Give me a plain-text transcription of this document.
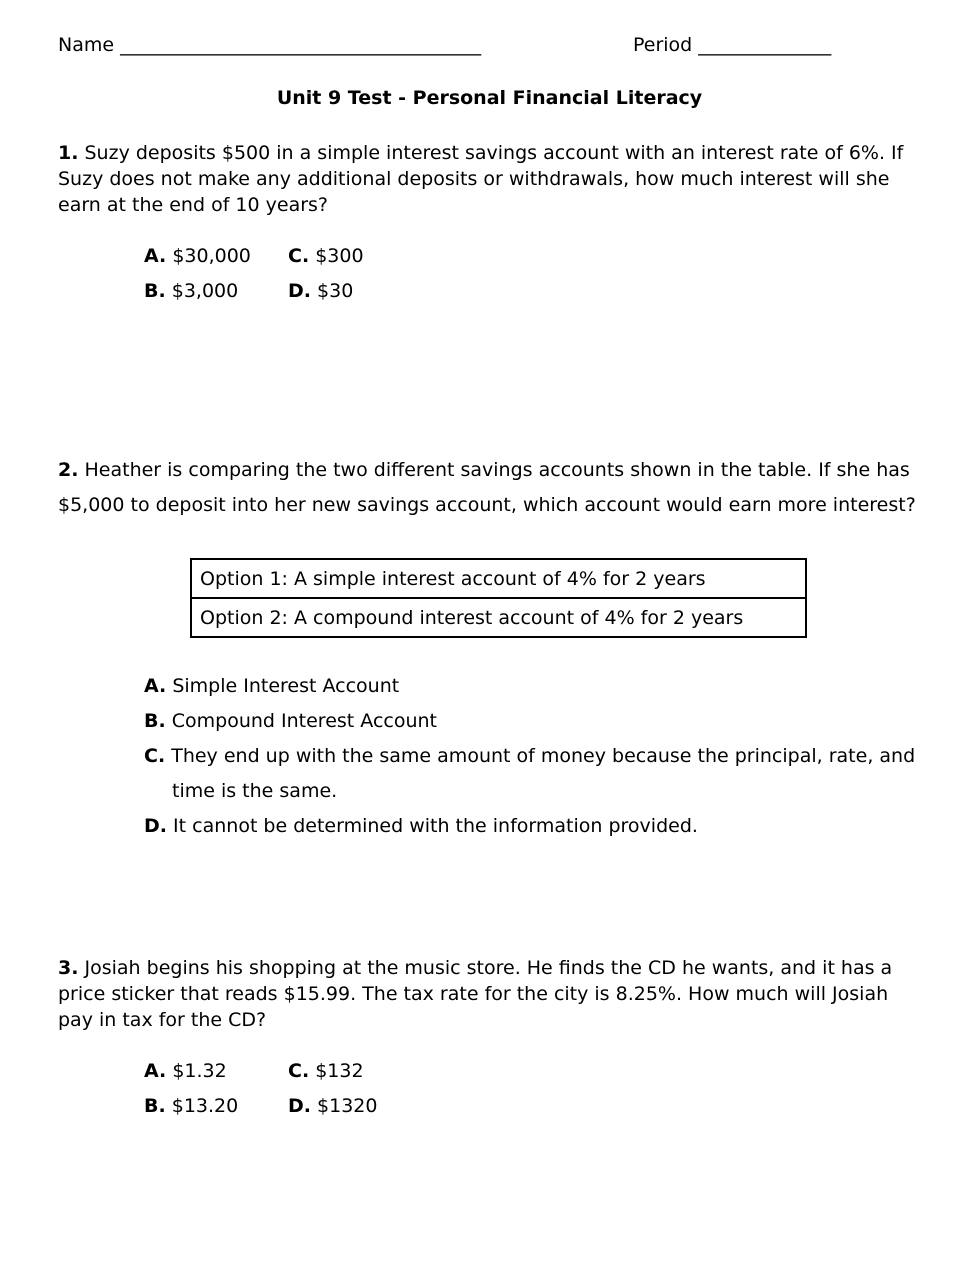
Name ______________________________________	Period ______________
Unit 9 Test - Personal Financial Literacy
1. Suzy deposits $500 in a simple interest savings account with an interest rate of 6%. If Suzy does not make any additional deposits or withdrawals, how much interest will she earn at the end of 10 years?
A. $30,000 C. $300
B. $3,000	D. $30
2. Heather is comparing the two different savings accounts shown in the table. If she has $5,000 to deposit into her new savings account, which account would earn more interest?
Option 1: A simple interest account of 4% for 2 years
Option 2: A compound interest account of 4% for 2 years
A. Simple Interest Account
B. Compound Interest Account
C. They end up with the same amount of money because the principal, rate, and time is the same.
D. It cannot be determined with the information provided.
3. Josiah begins his shopping at the music store. He finds the CD he wants, and it has a price sticker that reads $15.99. The tax rate for the city is 8.25%. How much will Josiah pay in tax for the CD?
A. $1.32	C. $132
B. $13.20	D. $1320
